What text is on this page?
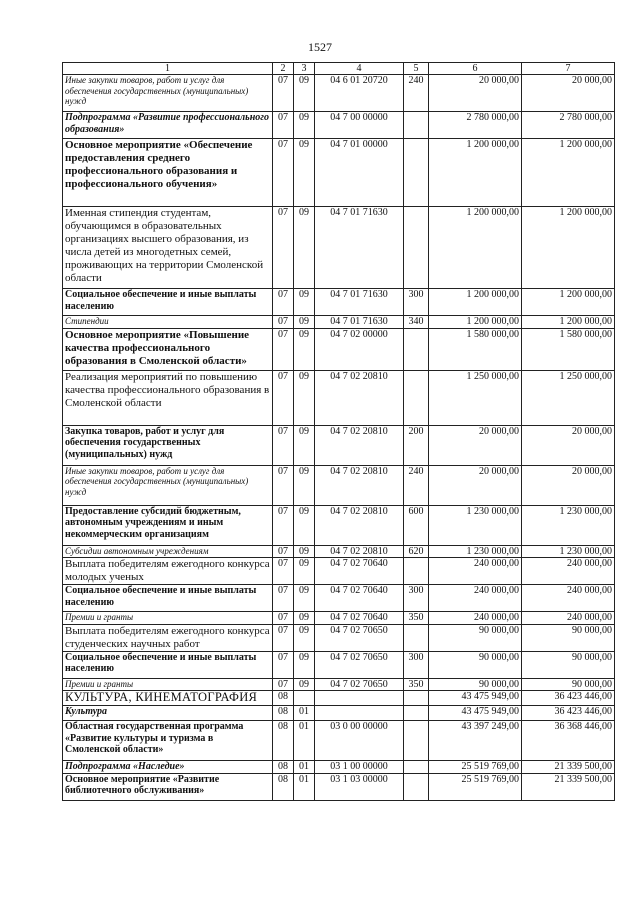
1527
1	2	3	4	5	6	7
Иные закупки товаров, работ и услуг для обеспечения государственных (муниципальных) нужд	07	09	04 6 01 20720	240	20 000,00	20 000,00
Подпрограмма «Развитие профессионального образования»	07	09	04 7 00 00000		2 780 000,00	2 780 000,00
Основное мероприятие «Обеспечение предоставления среднего профессионального образования и профессионального обучения»	07	09	04 7 01 00000		1 200 000,00	1 200 000,00
Именная стипендия студентам, обучающимся в образовательных организациях высшего образования, из числа детей из многодетных семей, проживающих на территории Смоленской области	07	09	04 7 01 71630		1 200 000,00	1 200 000,00
Социальное обеспечение и иные выплаты населению	07	09	04 7 01 71630	300	1 200 000,00	1 200 000,00
Стипендии	07	09	04 7 01 71630	340	1 200 000,00	1 200 000,00
Основное мероприятие «Повышение качества профессионального образования в Смоленской области»	07	09	04 7 02 00000		1 580 000,00	1 580 000,00
Реализация мероприятий по повышению качества профессионального образования в Смоленской области	07	09	04 7 02 20810		1 250 000,00	1 250 000,00
Закупка товаров, работ и услуг для обеспечения государственных (муниципальных) нужд	07	09	04 7 02 20810	200	20 000,00	20 000,00
Иные закупки товаров, работ и услуг для обеспечения государственных (муниципальных) нужд	07	09	04 7 02 20810	240	20 000,00	20 000,00
Предоставление субсидий бюджетным, автономным учреждениям и иным некоммерческим организациям	07	09	04 7 02 20810	600	1 230 000,00	1 230 000,00
Субсидии автономным учреждениям	07	09	04 7 02 20810	620	1 230 000,00	1 230 000,00
Выплата победителям ежегодного конкурса молодых ученых	07	09	04 7 02 70640		240 000,00	240 000,00
Социальное обеспечение и иные выплаты населению	07	09	04 7 02 70640	300	240 000,00	240 000,00
Премии и гранты	07	09	04 7 02 70640	350	240 000,00	240 000,00
Выплата победителям ежегодного конкурса студенческих научных работ	07	09	04 7 02 70650		90 000,00	90 000,00
Социальное обеспечение и иные выплаты населению	07	09	04 7 02 70650	300	90 000,00	90 000,00
Премии и гранты	07	09	04 7 02 70650	350	90 000,00	90 000,00
КУЛЬТУРА, КИНЕМАТОГРАФИЯ	08				43 475 949,00	36 423 446,00
Культура	08	01			43 475 949,00	36 423 446,00
Областная государственная программа «Развитие культуры и туризма в Смоленской области»	08	01	03 0 00 00000		43 397 249,00	36 368 446,00
Подпрограмма «Наследие»	08	01	03 1 00 00000		25 519 769,00	21 339 500,00
Основное мероприятие «Развитие библиотечного обслуживания»	08	01	03 1 03 00000		25 519 769,00	21 339 500,00
